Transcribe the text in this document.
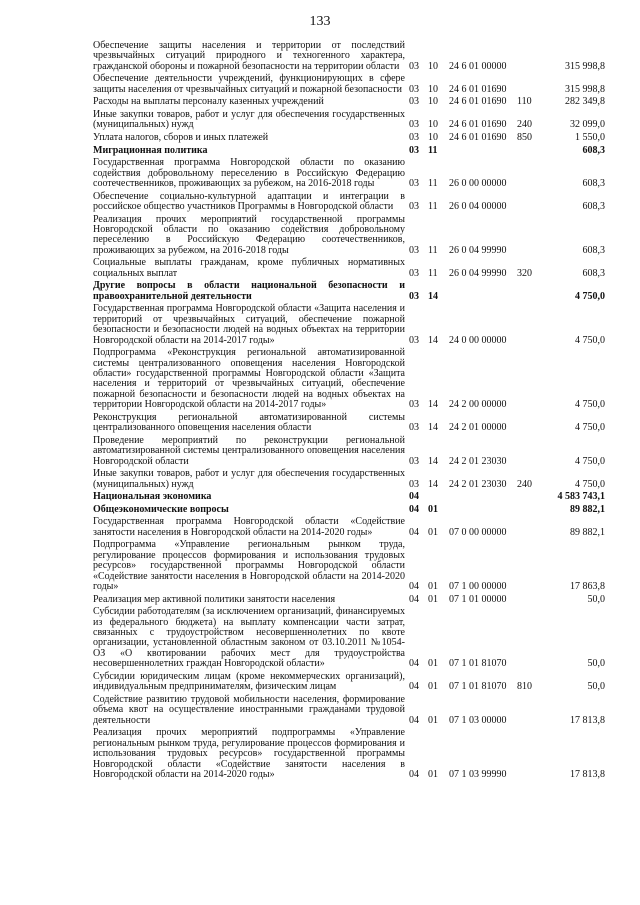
133
Обеспечение защиты населения и территории от последствий чрезвычайных ситуаций природного и техногенного характера, гражданской обороны и пожарной безопасности на территории области	03	10	24 6 01 00000		315 998,8
Обеспечение деятельности учреждений, функционирующих в сфере защиты населения от чрезвычайных ситуаций и пожарной безопасности	03	10	24 6 01 01690		315 998,8
Расходы на выплаты персоналу казенных учреждений	03	10	24 6 01 01690	110	282 349,8
Иные закупки товаров, работ и услуг для обеспечения государственных (муниципальных) нужд	03	10	24 6 01 01690	240	32 099,0
Уплата налогов, сборов и иных платежей	03	10	24 6 01 01690	850	1 550,0
Миграционная политика	03	11			608,3
Государственная программа Новгородской области по оказанию содействия добровольному переселению в Российскую Федерацию соотечественников, проживающих за рубежом, на 2016-2018 годы	03	11	26 0 00 00000		608,3
Обеспечение социально-культурной адаптации и интеграции в российское общество участников Программы в Новгородской области	03	11	26 0 04 00000		608,3
Реализация прочих мероприятий государственной программы Новгородской области по оказанию содействия добровольному переселению в Российскую Федерацию соотечественников, проживающих за рубежом, на 2016-2018 годы	03	11	26 0 04 99990		608,3
Социальные выплаты гражданам, кроме публичных нормативных социальных выплат	03	11	26 0 04 99990	320	608,3
Другие вопросы в области национальной безопасности и правоохранительной деятельности	03	14			4 750,0
Государственная программа Новгородской области «Защита населения и территорий от чрезвычайных ситуаций, обеспечение пожарной безопасности и безопасности людей на водных объектах на территории Новгородской области на 2014-2017 годы»	03	14	24 0 00 00000		4 750,0
Подпрограмма «Реконструкция региональной автоматизированной системы централизованного оповещения населения Новгородской области» государственной программы Новгородской области «Защита населения и территорий от чрезвычайных ситуаций, обеспечение пожарной безопасности и безопасности людей на водных объектах на территории Новгородской области на 2014-2017 годы»	03	14	24 2 00 00000		4 750,0
Реконструкция региональной автоматизированной системы централизованного оповещения населения области	03	14	24 2 01 00000		4 750,0
Проведение мероприятий по реконструкции региональной автоматизированной системы централизованного оповещения населения Новгородской области	03	14	24 2 01 23030		4 750,0
Иные закупки товаров, работ и услуг для обеспечения государственных (муниципальных) нужд	03	14	24 2 01 23030	240	4 750,0
Национальная экономика	04				4 583 743,1
Общеэкономические вопросы	04	01			89 882,1
Государственная программа Новгородской области «Содействие занятости населения в Новгородской области на 2014-2020 годы»	04	01	07 0 00 00000		89 882,1
Подпрограмма «Управление региональным рынком труда, регулирование процессов формирования и использования трудовых ресурсов» государственной программы Новгородской области «Содействие занятости населения в Новгородской области на 2014-2020 годы»	04	01	07 1 00 00000		17 863,8
Реализация мер активной политики занятости населения	04	01	07 1 01 00000		50,0
Субсидии работодателям (за исключением организаций, финансируемых из федерального бюджета) на выплату компенсации части затрат, связанных с трудоустройством несовершеннолетних по квоте организации, установленной областным законом от 03.10.2011 №1054-ОЗ «О квотировании рабочих мест для трудоустройства несовершеннолетних граждан Новгородской области»	04	01	07 1 01 81070		50,0
Субсидии юридическим лицам (кроме некоммерческих организаций), индивидуальным предпринимателям, физическим лицам	04	01	07 1 01 81070	810	50,0
Содействие развитию трудовой мобильности населения, формирование объема квот на осуществление иностранными гражданами трудовой деятельности	04	01	07 1 03 00000		17 813,8
Реализация прочих мероприятий подпрограммы «Управление региональным рынком труда, регулирование процессов формирования и использования трудовых ресурсов» государственной программы Новгородской области «Содействие занятости населения в Новгородской области на 2014-2020 годы»	04	01	07 1 03 99990		17 813,8
